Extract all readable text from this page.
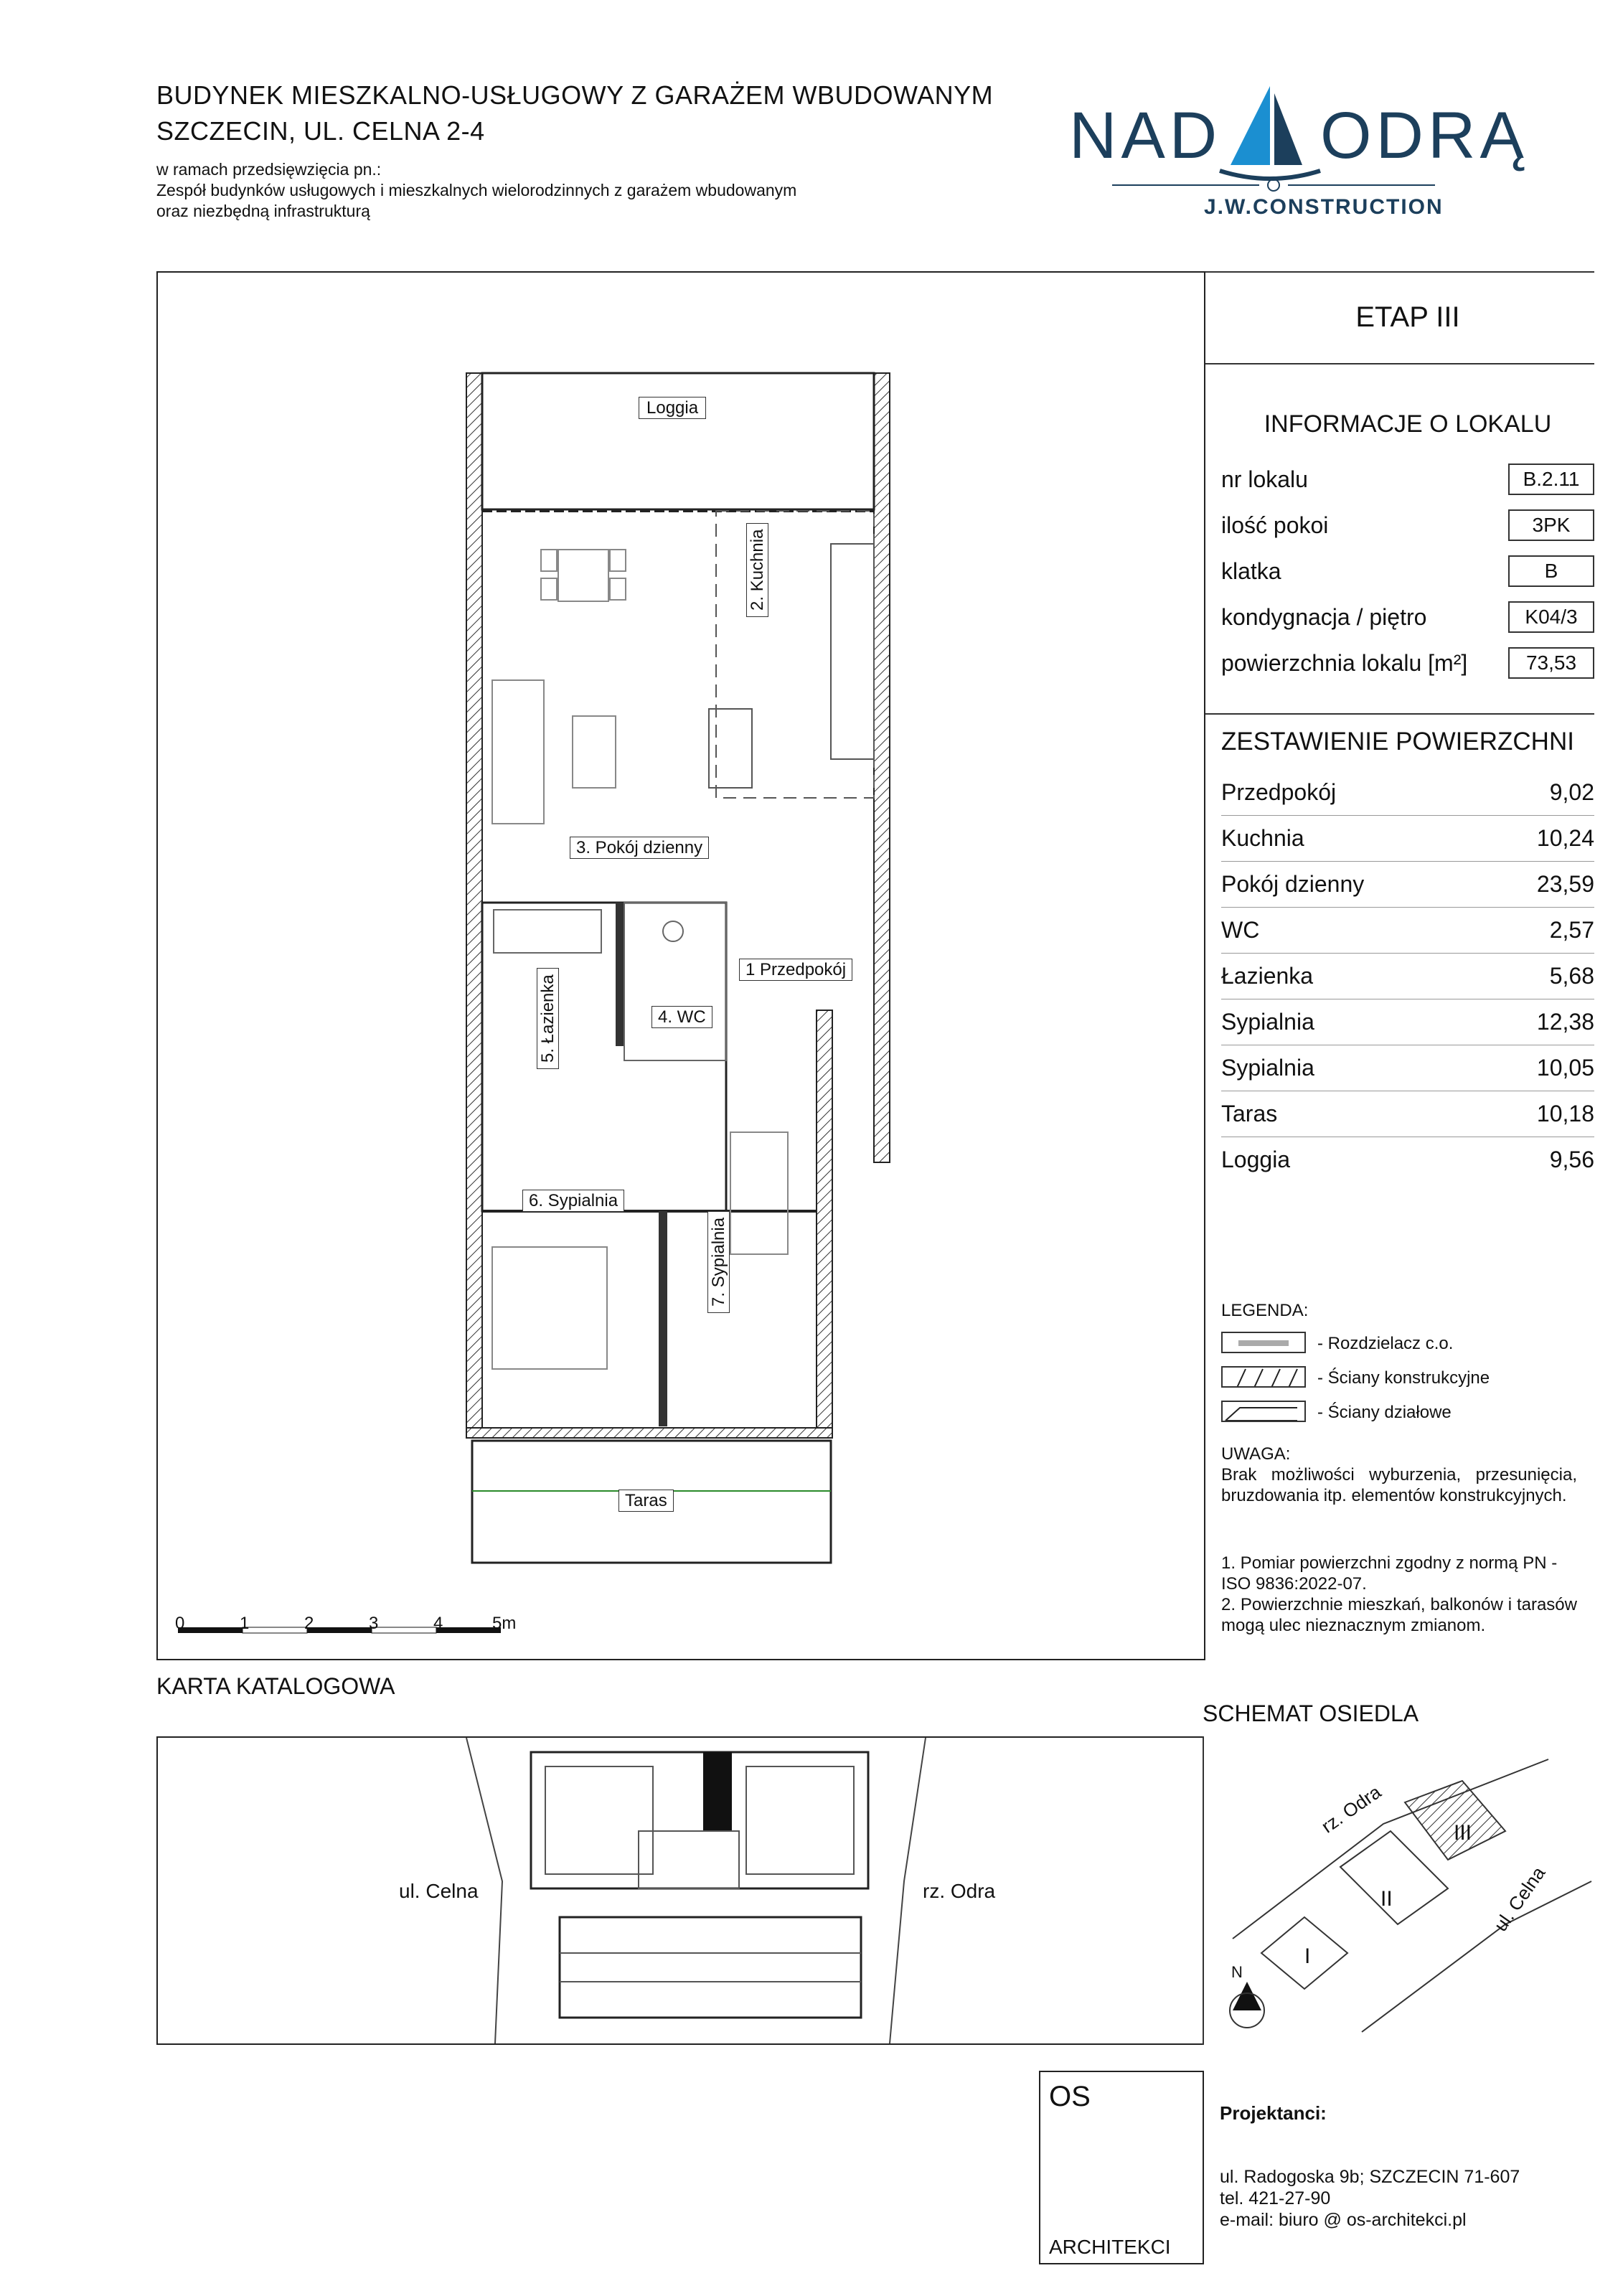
BUDYNEK MIESZKALNO-USŁUGOWY Z GARAŻEM WBUDOWANYM
SZCZECIN, UL. CELNA 2-4
w ramach przedsięwzięcia pn.:
Zespół budynków usługowych i mieszkalnych wielorodzinnych z garażem wbudowanym
oraz niezbędną infrastrukturą
NAD ODRĄ
J.W.CONSTRUCTION
Loggia
2. Kuchnia
3. Pokój dzienny
1 Przedpokój
5. Łazienka	4. WC
6. Sypialnia
7. Sypialnia
Taras
0	1	2	3	4	5m
ETAP III
INFORMACJE O LOKALU
nr lokalu	B.2.11
ilość pokoi	3PK
klatka	B
kondygnacja / piętro	K04/3
powierzchnia lokalu [m²]	73,53
ZESTAWIENIE POWIERZCHNI
Przedpokój	9,02
Kuchnia	10,24
Pokój dzienny	23,59
WC	2,57
Łazienka	5,68
Sypialnia	12,38
Sypialnia	10,05
Taras	10,18
Loggia	9,56
LEGENDA:
- Rozdzielacz c.o.
- Ściany konstrukcyjne
- Ściany działowe
UWAGA:
Brak możliwości wyburzenia, przesunięcia, bruzdowania itp. elementów konstrukcyjnych.
1. Pomiar powierzchni zgodny z normą PN - ISO 9836:2022-07.
2. Powierzchnie mieszkań, balkonów i tarasów mogą ulec nieznacznym zmianom.
KARTA KATALOGOWA
SCHEMAT OSIEDLA
ul. Celna	rz. Odra
I
II
III
rz. Odra
ul. Celna
N
OS
ARCHITEKCI
Projektanci:
ul. Radogoska 9b; SZCZECIN 71-607
tel. 421-27-90
e-mail: biuro @ os-architekci.pl
